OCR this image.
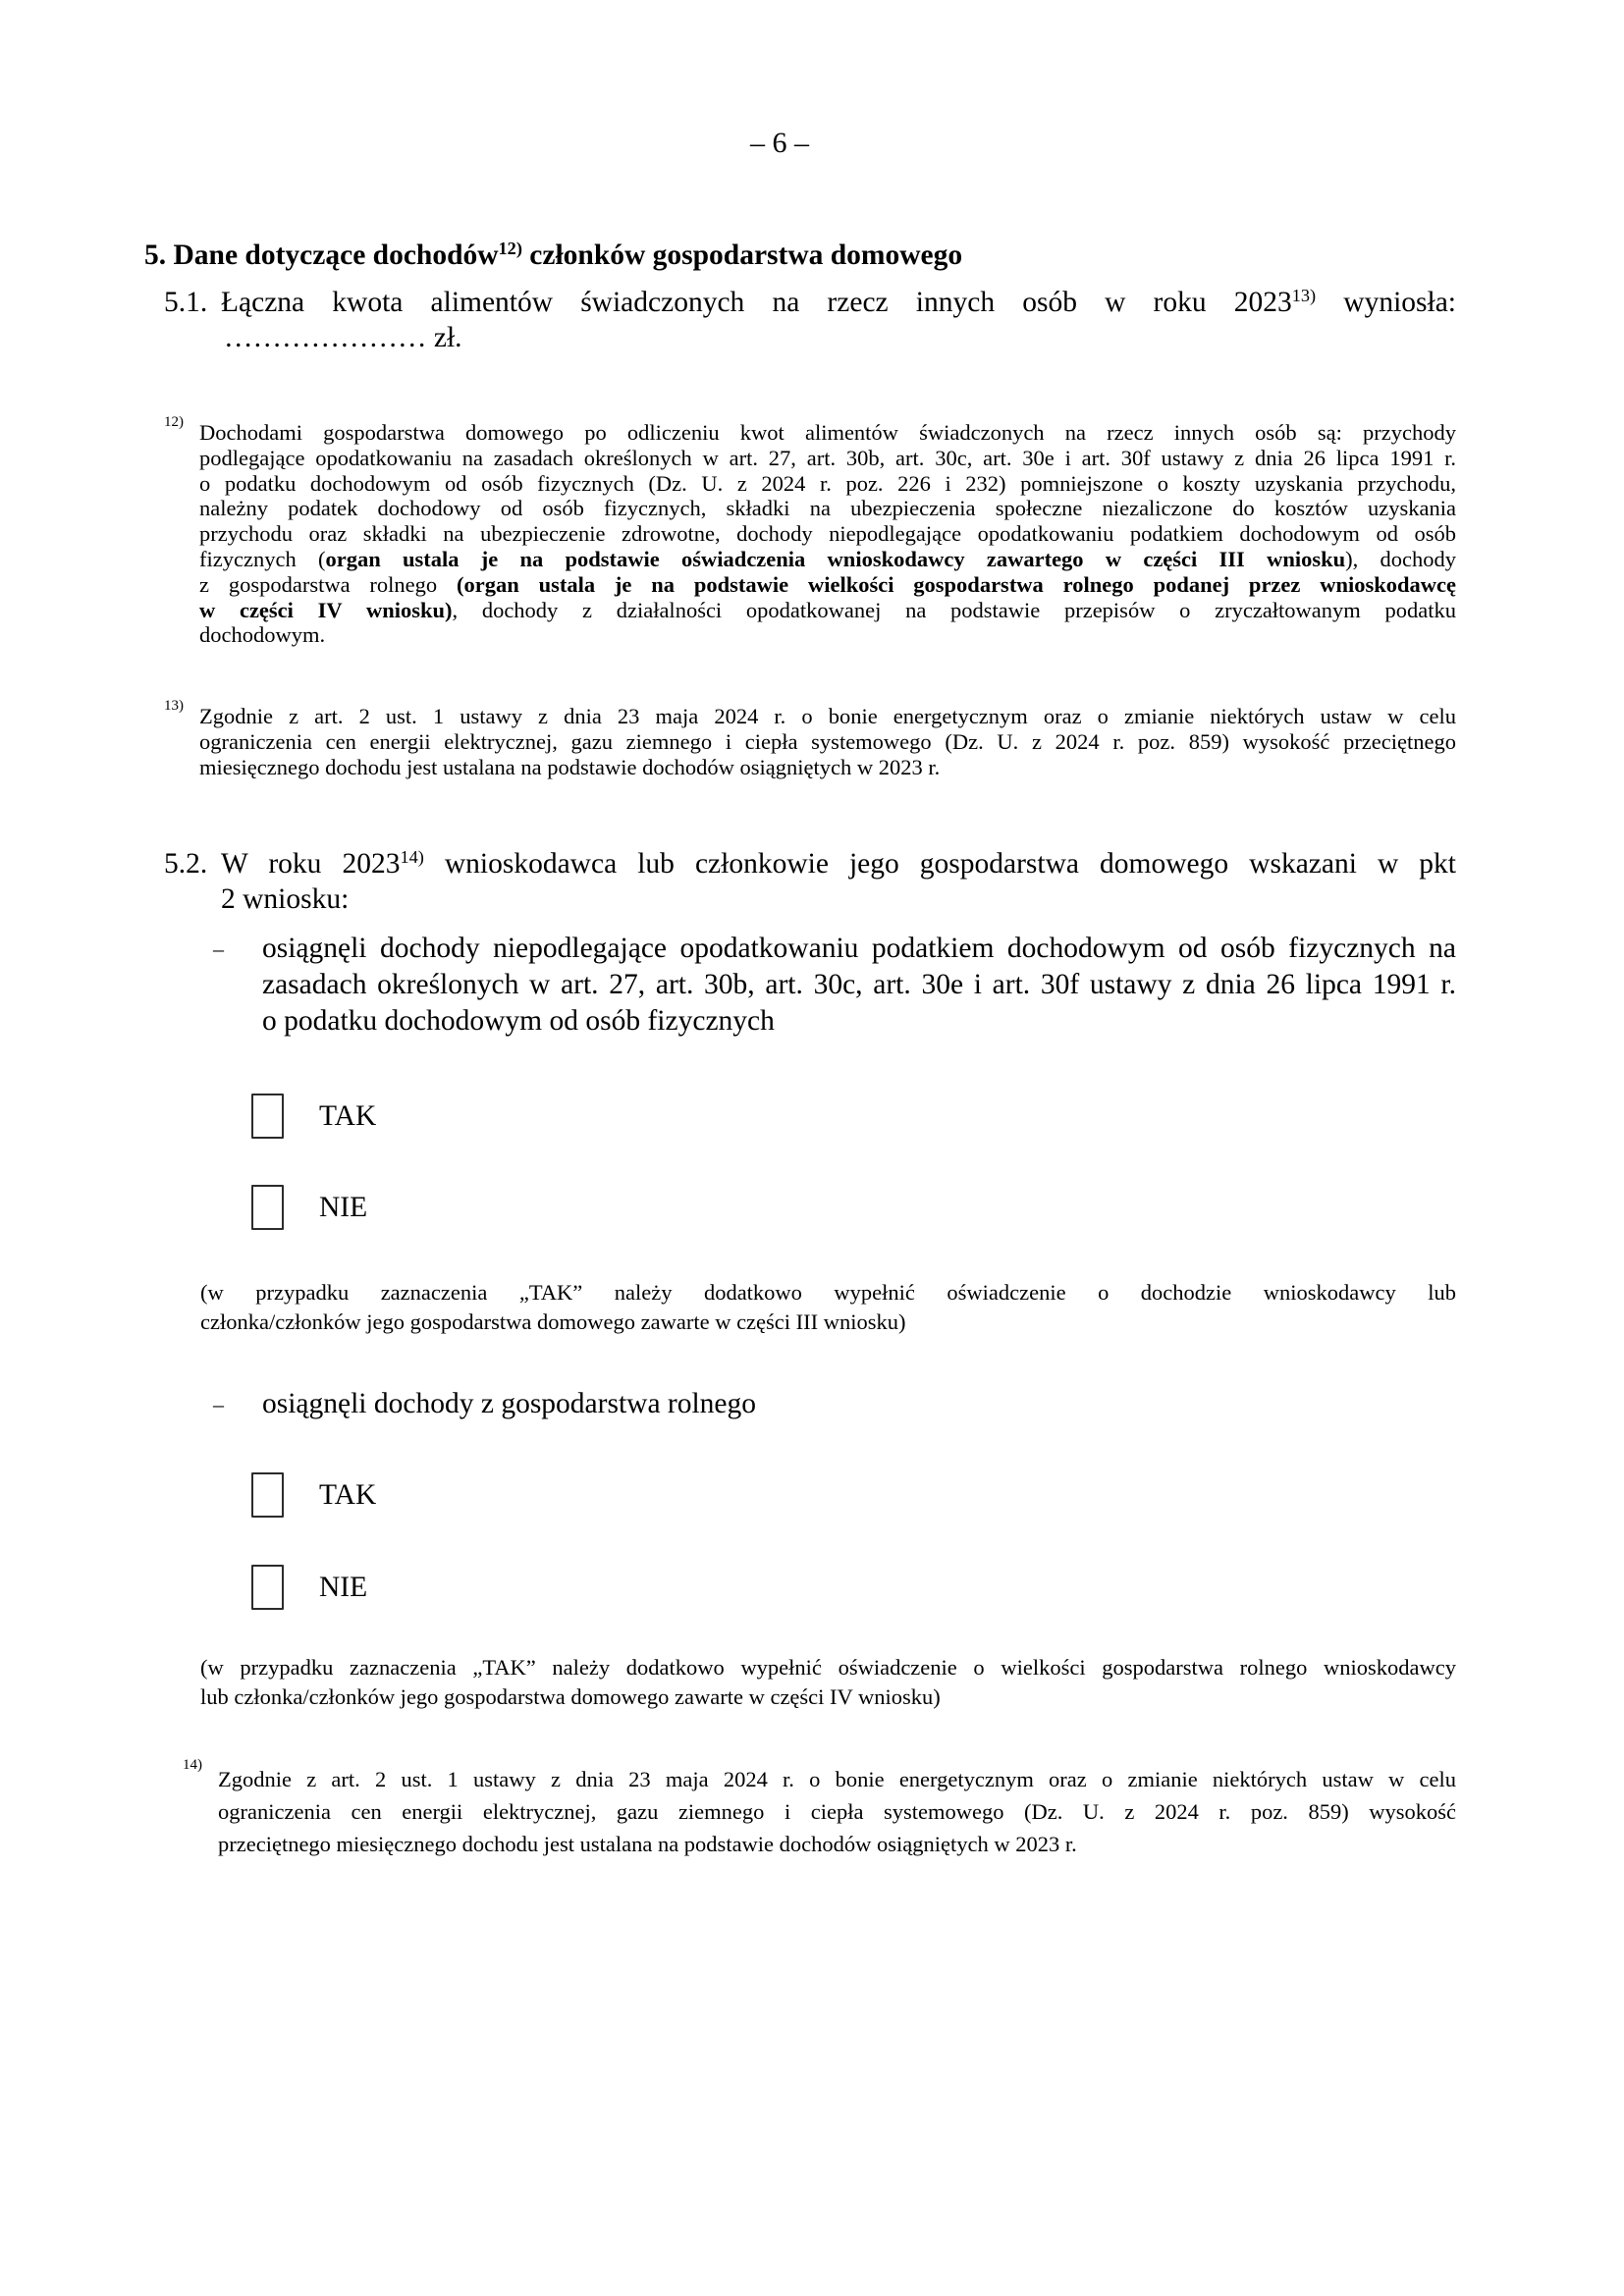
– 6 –
5. Dane dotyczące dochodów$^{12)}$ członków gospodarstwa domowego
5.1. Łączna kwota alimentów świadczonych na rzecz innych osób w roku 2023$^{13)}$ wyniosła:
………………… zł.
12) Dochodami gospodarstwa domowego po odliczeniu kwot alimentów świadczonych na rzecz innych osób są: przychody

podlegające opodatkowaniu na zasadach określonych w art. 27, art. 30b, art. 30c, art. 30e i art. 30f ustawy z dnia 26 lipca 1991 r.

o podatku dochodowym od osób fizycznych (Dz. U. z 2024 r. poz. 226 i 232) pomniejszone o koszty uzyskania przychodu,

należny podatek dochodowy od osób fizycznych, składki na ubezpieczenia społeczne niezaliczone do kosztów uzyskania

przychodu oraz składki na ubezpieczenie zdrowotne, dochody niepodlegające opodatkowaniu podatkiem dochodowym od osób

fizycznych (organ ustala je na podstawie oświadczenia wnioskodawcy zawartego w części III wniosku), dochody

z gospodarstwa rolnego (organ ustala je na podstawie wielkości gospodarstwa rolnego podanej przez wnioskodawcę

w części IV wniosku), dochody z działalności opodatkowanej na podstawie przepisów o zryczałtowanym podatku

dochodowym.

13) Zgodnie z art. 2 ust. 1 ustawy z dnia 23 maja 2024 r. o bonie energetycznym oraz o zmianie niektórych ustaw w celu

ograniczenia cen energii elektrycznej, gazu ziemnego i ciepła systemowego (Dz. U. z 2024 r. poz. 859) wysokość przeciętnego

miesięcznego dochodu jest ustalana na podstawie dochodów osiągniętych w 2023 r.

5.2. W roku 2023$^{14)}$ wnioskodawca lub członkowie jego gospodarstwa domowego wskazani w pkt
2 wniosku:
– osiągnęli dochody niepodlegające opodatkowaniu podatkiem dochodowym od osób fizycznych na
zasadach określonych w art. 27, art. 30b, art. 30c, art. 30e i art. 30f ustawy z dnia 26 lipca 1991 r.
o podatku dochodowym od osób fizycznych
TAK
NIE

(w przypadku zaznaczenia „TAK” należy dodatkowo wypełnić oświadczenie o dochodzie wnioskodawcy lub

członka/członków jego gospodarstwa domowego zawarte w części III wniosku)

– osiągnęli dochody z gospodarstwa rolnego
TAK
NIE

(w przypadku zaznaczenia „TAK” należy dodatkowo wypełnić oświadczenie o wielkości gospodarstwa rolnego wnioskodawcy

lub członka/członków jego gospodarstwa domowego zawarte w części IV wniosku)

14)

Zgodnie z art. 2 ust. 1 ustawy z dnia 23 maja 2024 r. o bonie energetycznym oraz o zmianie niektórych ustaw w celu

ograniczenia cen energii elektrycznej, gazu ziemnego i ciepła systemowego (Dz. U. z 2024 r. poz. 859) wysokość

przeciętnego miesięcznego dochodu jest ustalana na podstawie dochodów osiągniętych w 2023 r.
